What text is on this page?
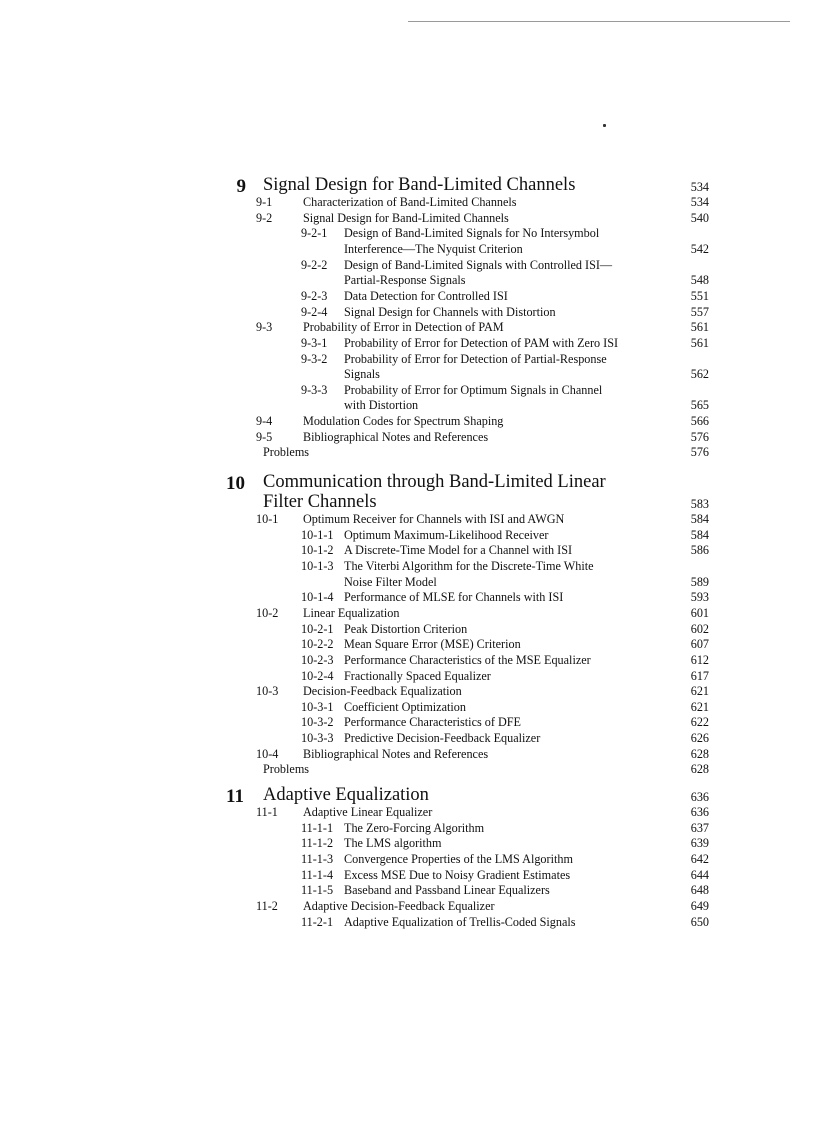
9 Signal Design for Band-Limited Channels	534
9-1	Characterization of Band-Limited Channels	534
9-2	Signal Design for Band-Limited Channels	540
9-2-1 Design of Band-Limited Signals for No Intersymbol
Interference—The Nyquist Criterion	542
9-2-2 Design of Band-Limited Signals with Controlled ISI—
Partial-Response Signals	548
9-2-3 Data Detection for Controlled ISI	551
9-2-4 Signal Design for Channels with Distortion	557
9-3	Probability of Error in Detection of PAM	561
9-3-1 Probability of Error for Detection of PAM with Zero ISI	561
9-3-2 Probability of Error for Detection of Partial-Response
Signals	562
9-3-3 Probability of Error for Optimum Signals in Channel
with Distortion	565
9-4	Modulation Codes for Spectrum Shaping	566
9-5	Bibliographical Notes and References	576
Problems	576
10 Communication through Band-Limited Linear
Filter Channels	583
10-1 Optimum Receiver for Channels with ISI and AWGN	584
10-1-1 Optimum Maximum-Likelihood Receiver	584
10-1-2 A Discrete-Time Model for a Channel with ISI	586
10-1-3 The Viterbi Algorithm for the Discrete-Time White
Noise Filter Model	589
10-1-4 Performance of MLSE for Channels with ISI	593
10-2 Linear Equalization	601
10-2-1 Peak Distortion Criterion	602
10-2-2 Mean Square Error (MSE) Criterion	607
10-2-3 Performance Characteristics of the MSE Equalizer	612
10-2-4 Fractionally Spaced Equalizer	617
10-3 Decision-Feedback Equalization	621
10-3-1 Coefficient Optimization	621
10-3-2 Performance Characteristics of DFE	622
10-3-3 Predictive Decision-Feedback Equalizer	626
10-4 Bibliographical Notes and References	628
Problems	628
11 Adaptive Equalization	636
11-1 Adaptive Linear Equalizer	636
11-1-1 The Zero-Forcing Algorithm	637
11-1-2 The LMS algorithm	639
11-1-3 Convergence Properties of the LMS Algorithm	642
11-1-4 Excess MSE Due to Noisy Gradient Estimates	644
11-1-5 Baseband and Passband Linear Equalizers	648
11-2 Adaptive Decision-Feedback Equalizer	649
11-2-1 Adaptive Equalization of Trellis-Coded Signals	650
